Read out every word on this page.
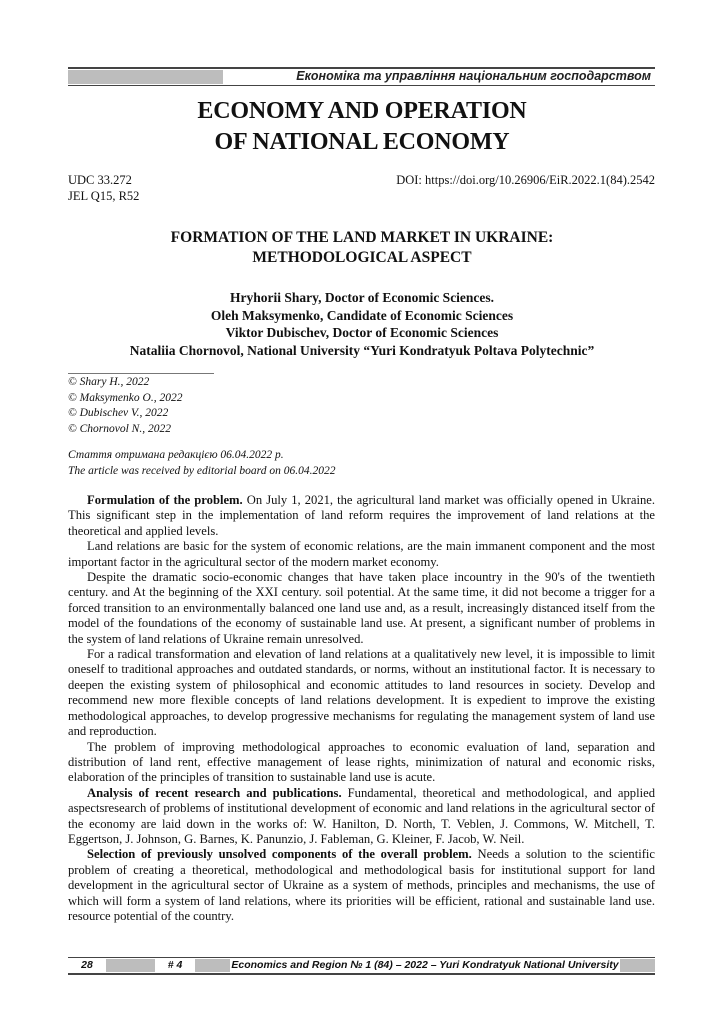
Економіка та управління національним господарством
ECONOMY AND OPERATION
OF NATIONAL ECONOMY
UDC 33.272
JEL Q15, R52
DOI: https://doi.org/10.26906/EiR.2022.1(84).2542
FORMATION OF THE LAND MARKET IN UKRAINE:
METHODOLOGICAL ASPECT
Hryhorii Shary, Doctor of Economic Sciences.
Oleh Maksymenko, Candidate of Economic Sciences
Viktor Dubischev, Doctor of Economic Sciences
Nataliia Chornovol, National University “Yuri Kondratyuk Poltava Polytechnic”
© Shary H., 2022
© Maksymenko O., 2022
© Dubischev V., 2022
© Chornovol N., 2022
Стаття отримана редакцією 06.04.2022 р.
The article was received by editorial board on 06.04.2022

Formulation of the problem. On July 1, 2021, the agricultural land market was officially opened in Ukraine. This significant step in the implementation of land reform requires the improvement of land relations at the theoretical and applied levels.

Land relations are basic for the system of economic relations, are the main immanent component and the most important factor in the agricultural sector of the modern market economy.

Despite the dramatic socio-economic changes that have taken place incountry in the 90's of the twentieth century. and At the beginning of the XXI century. soil potential. At the same time, it did not become a trigger for a forced transition to an environmentally balanced one land use and, as a result, increasingly distanced itself from the model of the foundations of the economy of sustainable land use. At present, a significant number of problems in the system of land relations of Ukraine remain unresolved.

For a radical transformation and elevation of land relations at a qualitatively new level, it is impossible to limit oneself to traditional approaches and outdated standards, or norms, without an institutional factor. It is necessary to deepen the existing system of philosophical and economic attitudes to land resources in society. Develop and recommend new more flexible concepts of land relations development. It is expedient to improve the existing methodological approaches, to develop progressive mechanisms for regulating the management system of land use and reproduction.

The problem of improving methodological approaches to economic evaluation of land, separation and distribution of land rent, effective management of lease rights, minimization of natural and economic risks, elaboration of the principles of transition to sustainable land use is acute.

Analysis of recent research and publications. Fundamental, theoretical and methodological, and applied aspectsresearch of problems of institutional development of economic and land relations in the agricultural sector of the economy are laid down in the works of: W. Hanilton, D. North, T. Veblen, J. Commons, W. Mitchell, T. Eggertson, J. Johnson, G. Barnes, K. Panunzio, J. Fableman, G. Kleiner, F. Jacob, W. Neil.

Selection of previously unsolved components of the overall problem. Needs a solution to the scientific problem of creating a theoretical, methodological and methodological basis for institutional support for land development in the agricultural sector of Ukraine as a system of methods, principles and mechanisms, the use of which will form a system of land relations, where its priorities will be efficient, rational and sustainable land use. resource potential of the country.

28	# 4	Economics and Region № 1 (84) – 2022 – Yuri Kondratyuk National University
